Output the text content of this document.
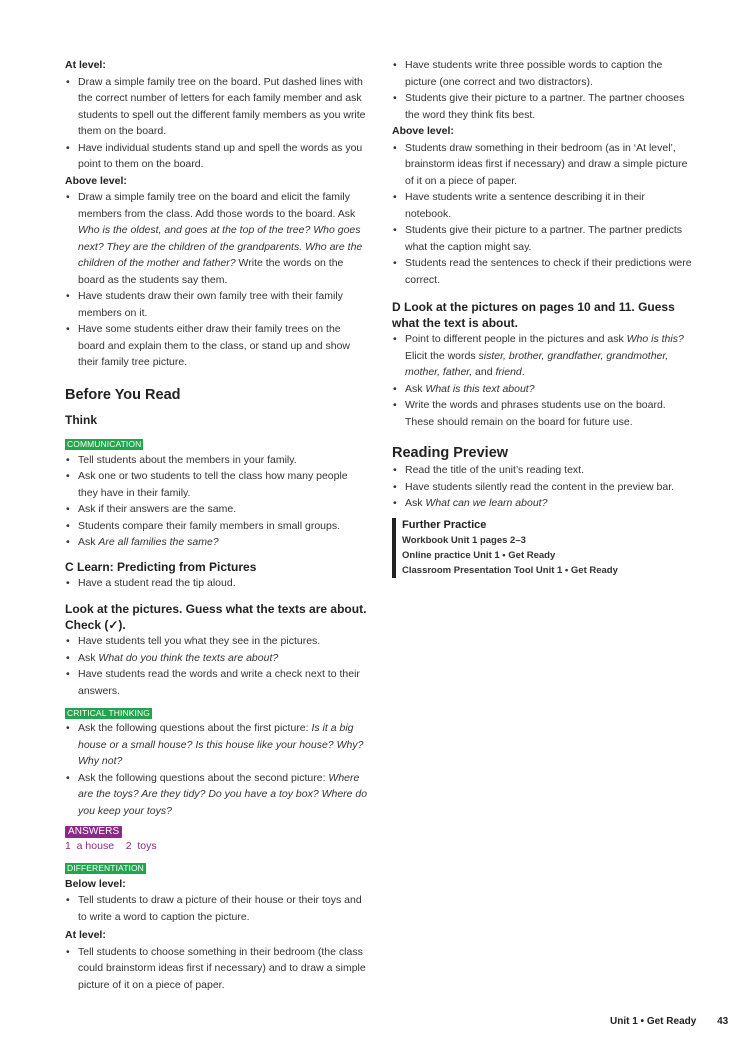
At level:
• Draw a simple family tree on the board. Put dashed lines with the correct number of letters for each family member and ask students to spell out the different family members as you write them on the board.
• Have individual students stand up and spell the words as you point to them on the board.
Above level:
• Draw a simple family tree on the board and elicit the family members from the class. Add those words to the board. Ask Who is the oldest, and goes at the top of the tree? Who goes next? They are the children of the grandparents. Who are the children of the mother and father? Write the words on the board as the students say them.
• Have students draw their own family tree with their family members on it.
• Have some students either draw their family trees on the board and explain them to the class, or stand up and show their family tree picture.
Before You Read
Think
COMMUNICATION
• Tell students about the members in your family.
• Ask one or two students to tell the class how many people they have in their family.
• Ask if their answers are the same.
• Students compare their family members in small groups.
• Ask Are all families the same?
C Learn: Predicting from Pictures
• Have a student read the tip aloud.
Look at the pictures. Guess what the texts are about. Check (✓).
• Have students tell you what they see in the pictures.
• Ask What do you think the texts are about?
• Have students read the words and write a check next to their answers.
CRITICAL THINKING
• Ask the following questions about the first picture: Is it a big house or a small house? Is this house like your house? Why? Why not?
• Ask the following questions about the second picture: Where are the toys? Are they tidy? Do you have a toy box? Where do you keep your toys?
ANSWERS
1  a house    2  toys
DIFFERENTIATION
Below level:
• Tell students to draw a picture of their house or their toys and to write a word to caption the picture.
At level:
• Tell students to choose something in their bedroom (the class could brainstorm ideas first if necessary) and to draw a simple picture of it on a piece of paper.
• Have students write three possible words to caption the picture (one correct and two distractors).
• Students give their picture to a partner. The partner chooses the word they think fits best.
Above level:
• Students draw something in their bedroom (as in ‘At level’, brainstorm ideas first if necessary) and draw a simple picture of it on a piece of paper.
• Have students write a sentence describing it in their notebook.
• Students give their picture to a partner. The partner predicts what the caption might say.
• Students read the sentences to check if their predictions were correct.
D Look at the pictures on pages 10 and 11. Guess what the text is about.
• Point to different people in the pictures and ask Who is this? Elicit the words sister, brother, grandfather, grandmother, mother, father, and friend.
• Ask What is this text about?
• Write the words and phrases students use on the board. These should remain on the board for future use.
Reading Preview
• Read the title of the unit’s reading text.
• Have students silently read the content in the preview bar.
• Ask What can we learn about?
Further Practice
Workbook Unit 1 pages 2–3
Online practice Unit 1 • Get Ready
Classroom Presentation Tool Unit 1 • Get Ready
Unit 1 • Get Ready 43
